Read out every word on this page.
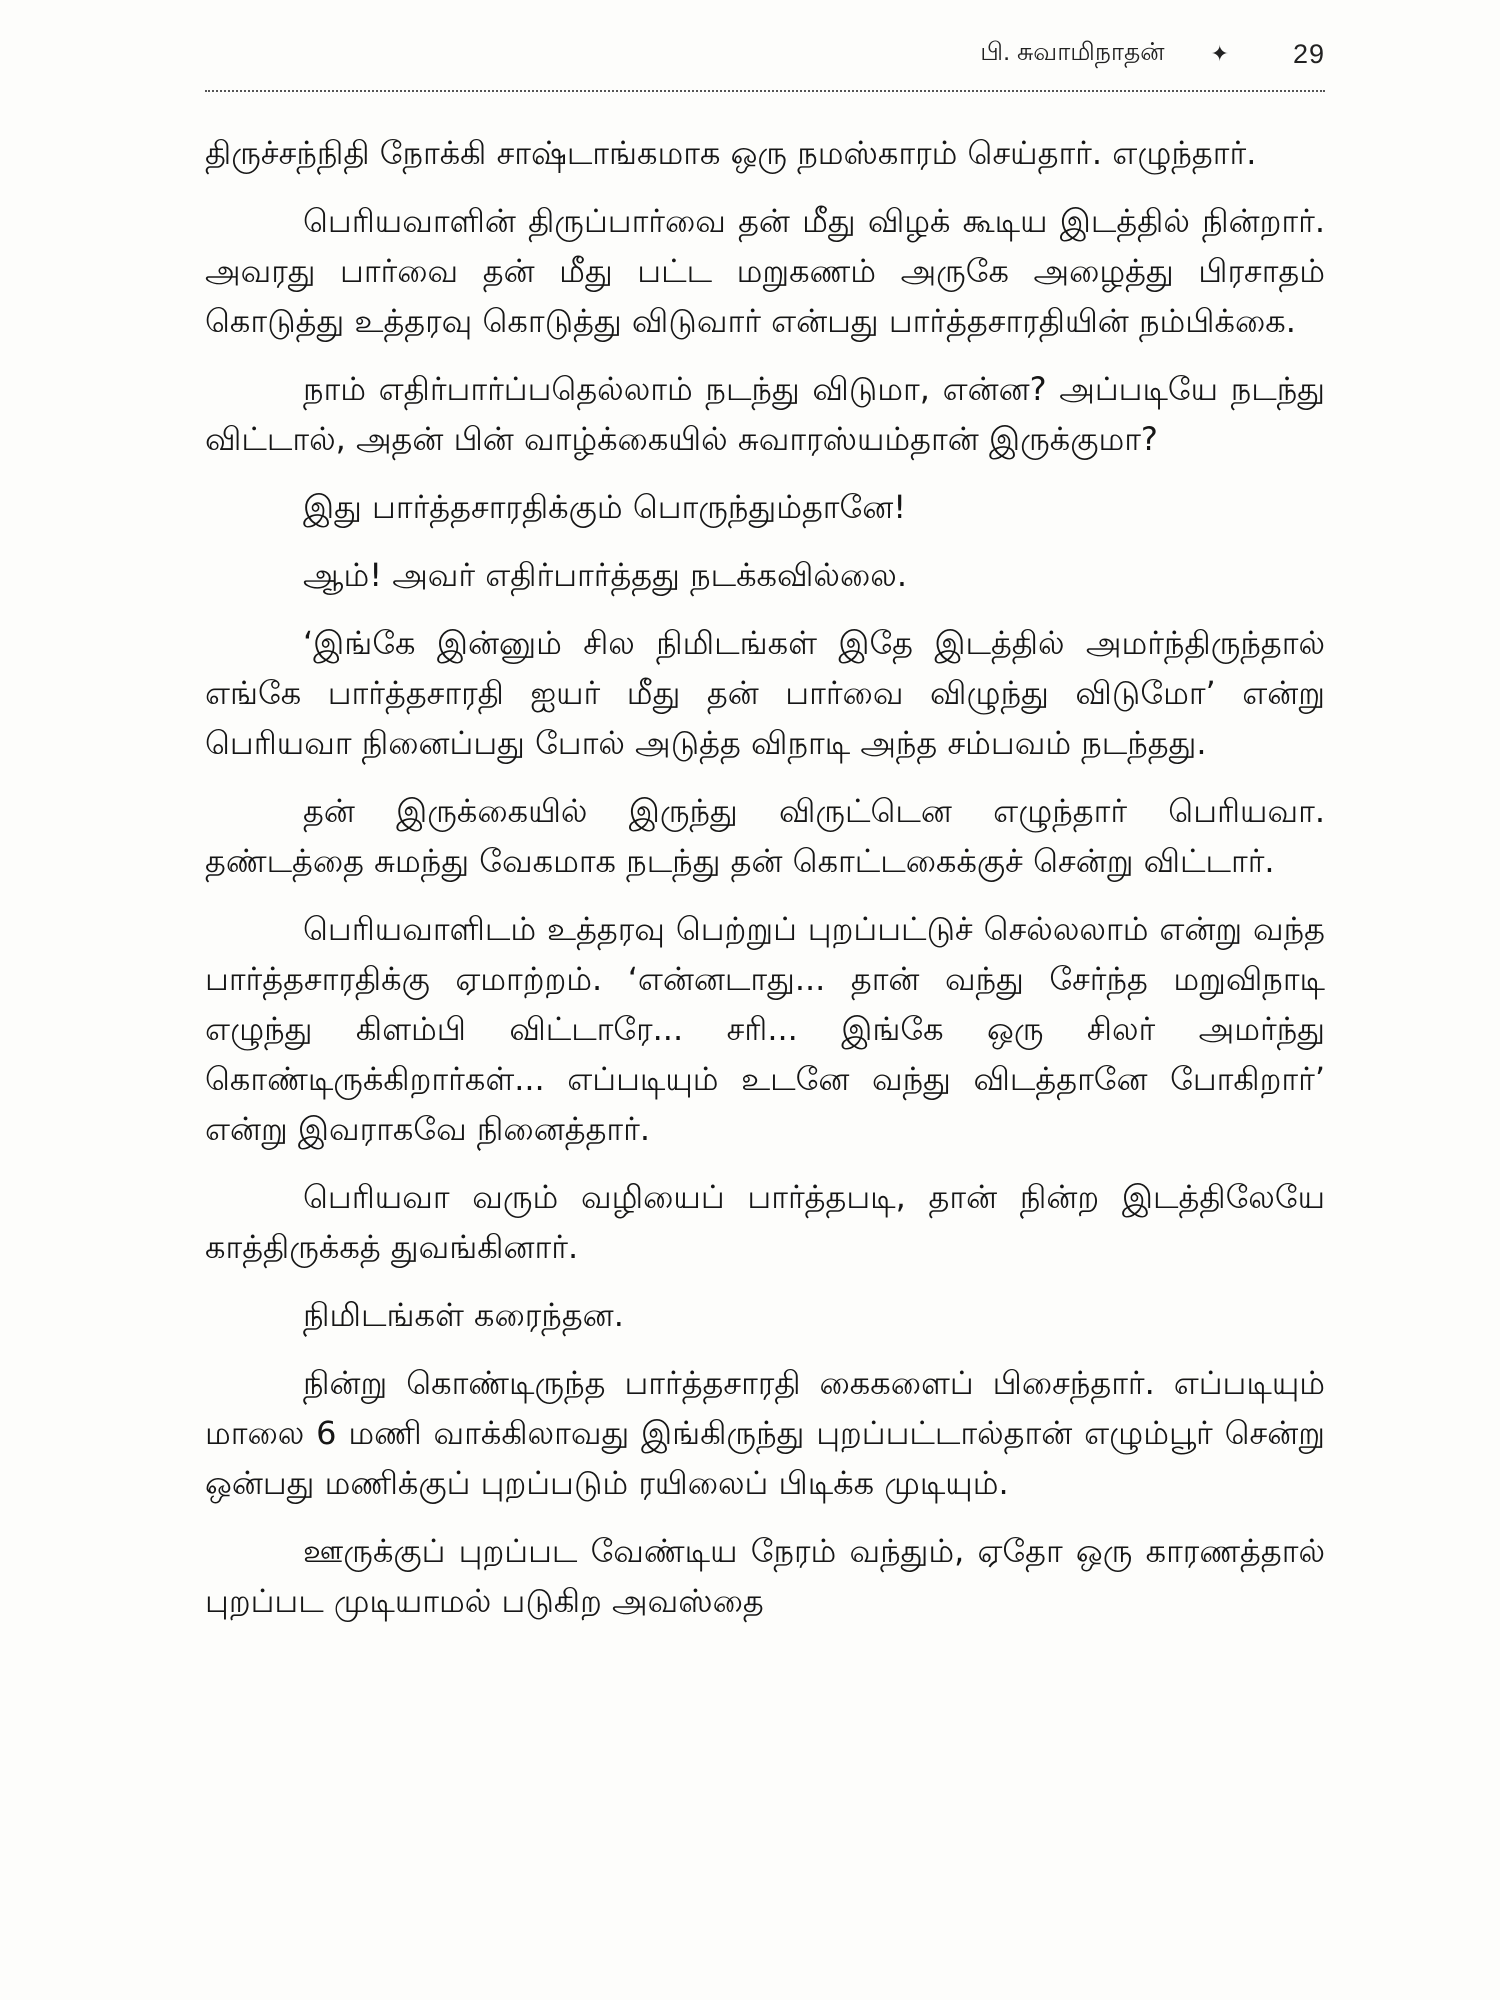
பி. சுவாமிநாதன் ✦ 29

திருச்சந்நிதி நோக்கி சாஷ்டாங்கமாக ஒரு நமஸ்காரம் செய்தார். எழுந்தார்.

பெரியவாளின் திருப்பார்வை தன் மீது விழக் கூடிய இடத்தில் நின்றார். அவரது பார்வை தன் மீது பட்ட மறுகணம் அருகே அழைத்து பிரசாதம் கொடுத்து உத்தரவு கொடுத்து விடுவார் என்பது பார்த்தசாரதியின் நம்பிக்கை.

நாம் எதிர்பார்ப்பதெல்லாம் நடந்து விடுமா, என்ன? அப்படியே நடந்து விட்டால், அதன் பின் வாழ்க்கையில் சுவாரஸ்யம்தான் இருக்குமா?

இது பார்த்தசாரதிக்கும் பொருந்தும்தானே!

ஆம்! அவர் எதிர்பார்த்தது நடக்கவில்லை.

‘இங்கே இன்னும் சில நிமிடங்கள் இதே இடத்தில் அமர்ந்திருந்தால் எங்கே பார்த்தசாரதி ஐயர் மீது தன் பார்வை விழுந்து விடுமோ’ என்று பெரியவா நினைப்பது போல் அடுத்த விநாடி அந்த சம்பவம் நடந்தது.

தன் இருக்கையில் இருந்து விருட்டென எழுந்தார் பெரியவா. தண்டத்தை சுமந்து வேகமாக நடந்து தன் கொட்டகைக்குச் சென்று விட்டார்.

பெரியவாளிடம் உத்தரவு பெற்றுப் புறப்பட்டுச் செல்லலாம் என்று வந்த பார்த்தசாரதிக்கு ஏமாற்றம். ‘என்னடாது... தான் வந்து சேர்ந்த மறுவிநாடி எழுந்து கிளம்பி விட்டாரே... சரி... இங்கே ஒரு சிலர் அமர்ந்து கொண்டிருக்கிறார்கள்... எப்படியும் உடனே வந்து விடத்தானே போகிறார்’ என்று இவராகவே நினைத்தார்.

பெரியவா வரும் வழியைப் பார்த்தபடி, தான் நின்ற இடத்திலேயே காத்திருக்கத் துவங்கினார்.

நிமிடங்கள் கரைந்தன.

நின்று கொண்டிருந்த பார்த்தசாரதி கைகளைப் பிசைந்தார். எப்படியும் மாலை 6 மணி வாக்கிலாவது இங்கிருந்து புறப்பட்டால்தான் எழும்பூர் சென்று ஒன்பது மணிக்குப் புறப்படும் ரயிலைப் பிடிக்க முடியும்.

ஊருக்குப் புறப்பட வேண்டிய நேரம் வந்தும், ஏதோ ஒரு காரணத்தால் புறப்பட முடியாமல் படுகிற அவஸ்தை
